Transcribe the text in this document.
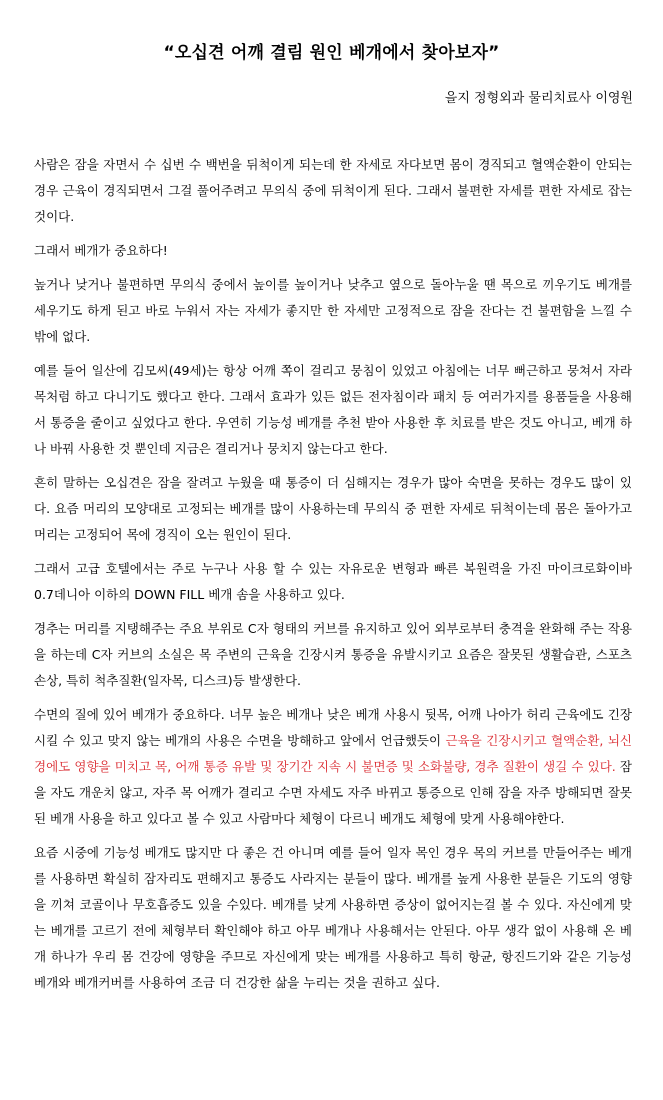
“오십견 어깨 결림 원인 베개에서 찾아보자”
을지 정형외과 물리치료사 이영원

사람은 잠을 자면서 수 십번 수 백번을 뒤척이게 되는데 한 자세로 자다보면 몸이 경직되고 혈액순환이 안되는 경우 근육이 경직되면서 그걸 풀어주려고 무의식 중에 뒤척이게 된다. 그래서 불편한 자세를 편한 자세로 잡는 것이다.

그래서 베개가 중요하다!

높거나 낮거나 불편하면 무의식 중에서 높이를 높이거나 낮추고 옆으로 돌아누울 땐 목으로 끼우기도 베개를 세우기도 하게 된고 바로 누워서 자는 자세가 좋지만 한 자세만 고정적으로 잠을 잔다는 건 불편함을 느낄 수 밖에 없다.

예를 들어 일산에 김모씨(49세)는 항상 어깨 쪽이 걸리고 뭉침이 있었고 아침에는 너무 뻐근하고 뭉쳐서 자라목처럼 하고 다니기도 했다고 한다. 그래서 효과가 있든 없든 전자침이라 패치 등 여러가지를 용품들을 사용해서 통증을 줄이고 싶었다고 한다. 우연히 기능성 베개를 추천 받아 사용한 후 치료를 받은 것도 아니고, 베개 하나 바꿔 사용한 것 뿐인데 지금은 결리거나 뭉치지 않는다고 한다.

흔히 말하는 오십견은 잠을 잘려고 누웠을 때 통증이 더 심해지는 경우가 많아 숙면을 못하는 경우도 많이 있다. 요즘 머리의 모양대로 고정되는 베개를 많이 사용하는데 무의식 중 편한 자세로 뒤척이는데 몸은 돌아가고 머리는 고정되어 목에 경직이 오는 원인이 된다.

그래서 고급 호텔에서는 주로 누구나 사용 할 수 있는 자유로운 변형과 빠른 복원력을 가진 마이크로화이바 0.7데니아 이하의 DOWN FILL 베개 솜을 사용하고 있다.

경추는 머리를 지탱해주는 주요 부위로 C자 형태의 커브를 유지하고 있어 외부로부터 충격을 완화해 주는 작용을 하는데 C자 커브의 소실은 목 주변의 근육을 긴장시켜 통증을 유발시키고 요즘은 잘못된 생활습관, 스포츠손상, 특히 척추질환(일자목, 디스크)등 발생한다.

수면의 질에 있어 베개가 중요하다. 너무 높은 베개나 낮은 베개 사용시 뒷목, 어깨 나아가 허리 근육에도 긴장시킬 수 있고 맞지 않는 베개의 사용은 수면을 방해하고 앞에서 언급했듯이 근육을 긴장시키고 혈액순환, 뇌신경에도 영향을 미치고 목, 어깨 통증 유발 및 장기간 지속 시 불면증 및 소화불량, 경추 질환이 생길 수 있다. 잠을 자도 개운치 않고, 자주 목 어깨가 결리고 수면 자세도 자주 바뀌고 통증으로 인해 잠을 자주 방해되면 잘못된 베개 사용을 하고 있다고 볼 수 있고 사람마다 체형이 다르니 베개도 체형에 맞게 사용해야한다.

요즘 시중에 기능성 베개도 많지만 다 좋은 건 아니며 예를 들어 일자 목인 경우 목의 커브를 만들어주는 베개를 사용하면 확실히 잠자리도 편해지고 통증도 사라지는 분들이 많다. 베개를 높게 사용한 분들은 기도의 영향을 끼쳐 코골이나 무호흡증도 있을 수있다. 베개를 낮게 사용하면 증상이 없어지는걸 볼 수 있다. 자신에게 맞는 베개를 고르기 전에 체형부터 확인해야 하고 아무 베개나 사용해서는 안된다. 아무 생각 없이 사용해 온 베개 하나가 우리 몸 건강에 영향을 주므로 자신에게 맞는 베개를 사용하고 특히 항균, 항진드기와 같은 기능성 베개와 베개커버를 사용하여 조금 더 건강한 삶을 누리는 것을 권하고 싶다.
